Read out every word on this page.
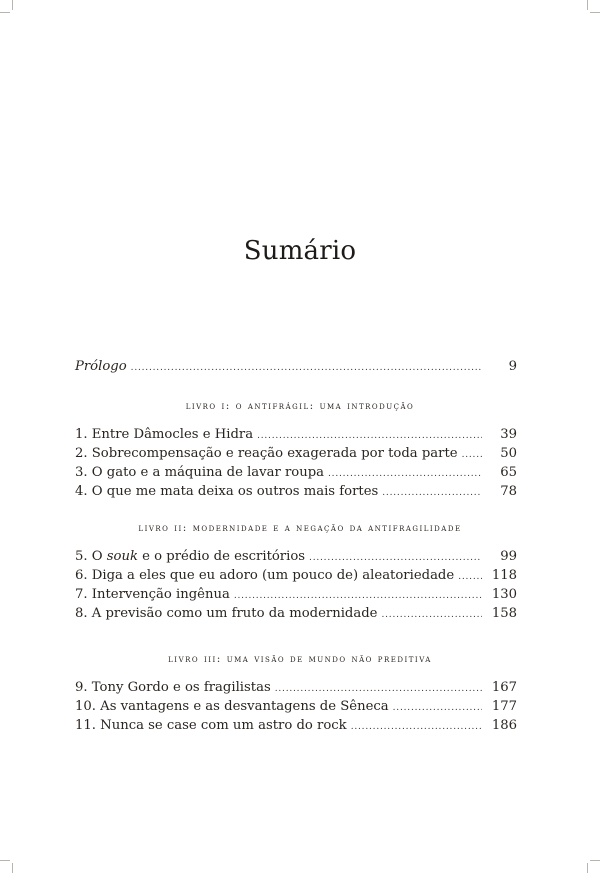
Sumário
Prólogo .....	9
livro i: o antifrágil: uma introdução
1. Entre Dâmocles e Hidra .....	39
2. Sobrecompensação e reação exagerada por toda parte .....	50
3. O gato e a máquina de lavar roupa .....	65
4. O que me mata deixa os outros mais fortes .....	78
livro ii: modernidade e a negação da antifragilidade
5. O souk e o prédio de escritórios .....	99
6. Diga a eles que eu adoro (um pouco de) aleatoriedade .....	118
7. Intervenção ingênua .....	130
8. A previsão como um fruto da modernidade .....	158
livro iii: uma visão de mundo não preditiva
9. Tony Gordo e os fragilistas .....	167
10. As vantagens e as desvantagens de Sêneca .....	177
11. Nunca se case com um astro do rock .....	186
